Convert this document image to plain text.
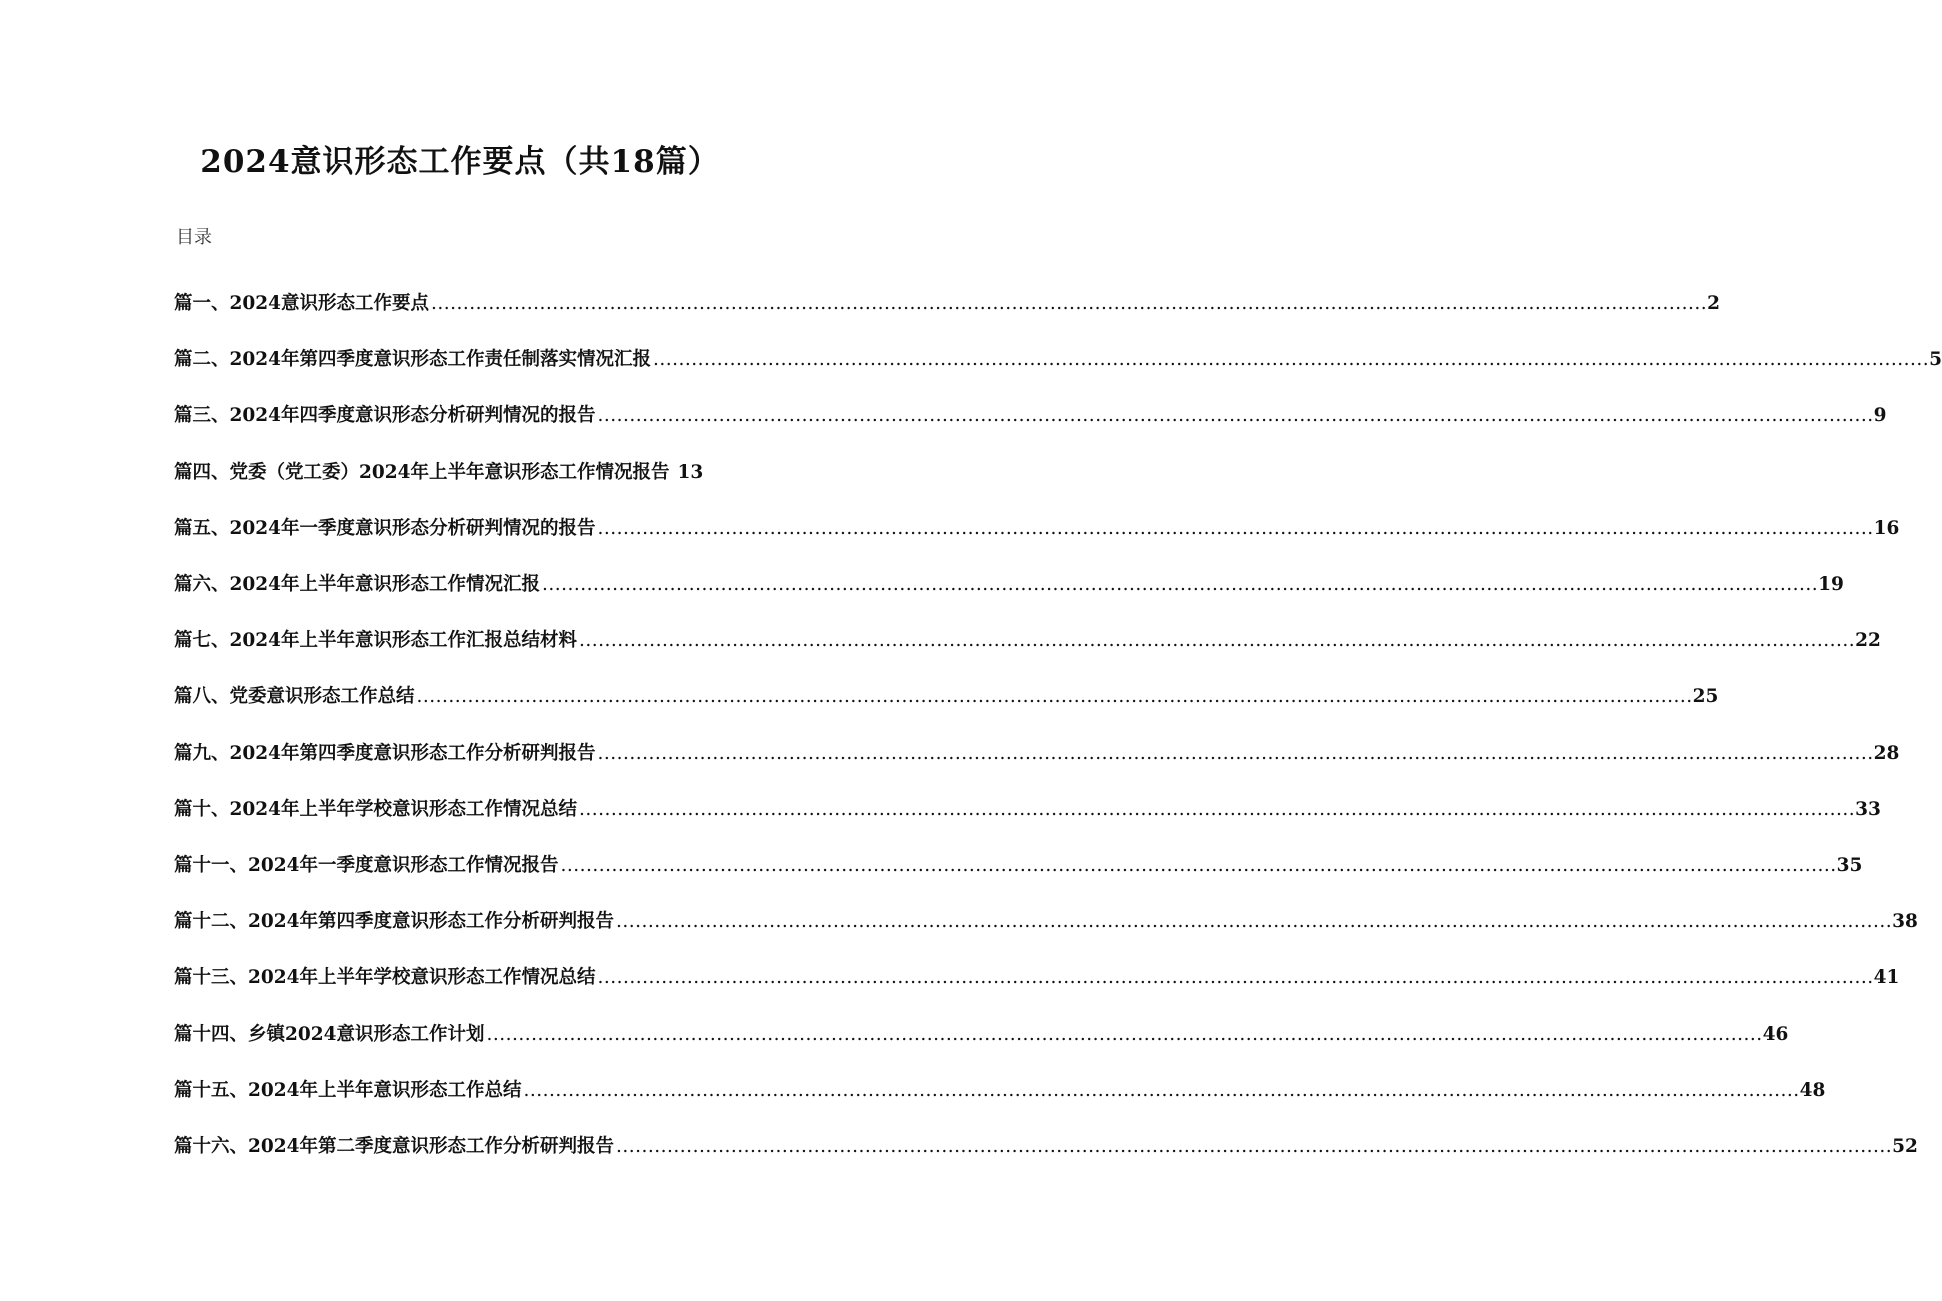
2024意识形态工作要点（共18篇）
目录
篇一、2024意识形态工作要点 ........................................................................................................................................................................................................ 2
篇二、2024年第四季度意识形态工作责任制落实情况汇报 ........................................................................................................................................................................................................ 5
篇三、2024年四季度意识形态分析研判情况的报告 ........................................................................................................................................................................................................ 9
篇四、党委（党工委）2024年上半年意识形态工作情况报告 13
篇五、2024年一季度意识形态分析研判情况的报告 ........................................................................................................................................................................................................ 16
篇六、2024年上半年意识形态工作情况汇报 ........................................................................................................................................................................................................ 19
篇七、2024年上半年意识形态工作汇报总结材料 ........................................................................................................................................................................................................ 22
篇八、党委意识形态工作总结 ........................................................................................................................................................................................................ 25
篇九、2024年第四季度意识形态工作分析研判报告 ........................................................................................................................................................................................................ 28
篇十、2024年上半年学校意识形态工作情况总结 ........................................................................................................................................................................................................ 33
篇十一、2024年一季度意识形态工作情况报告 ........................................................................................................................................................................................................ 35
篇十二、2024年第四季度意识形态工作分析研判报告 ........................................................................................................................................................................................................ 38
篇十三、2024年上半年学校意识形态工作情况总结 ........................................................................................................................................................................................................ 41
篇十四、乡镇2024意识形态工作计划 ........................................................................................................................................................................................................ 46
篇十五、2024年上半年意识形态工作总结 ........................................................................................................................................................................................................ 48
篇十六、2024年第二季度意识形态工作分析研判报告 ........................................................................................................................................................................................................ 52
